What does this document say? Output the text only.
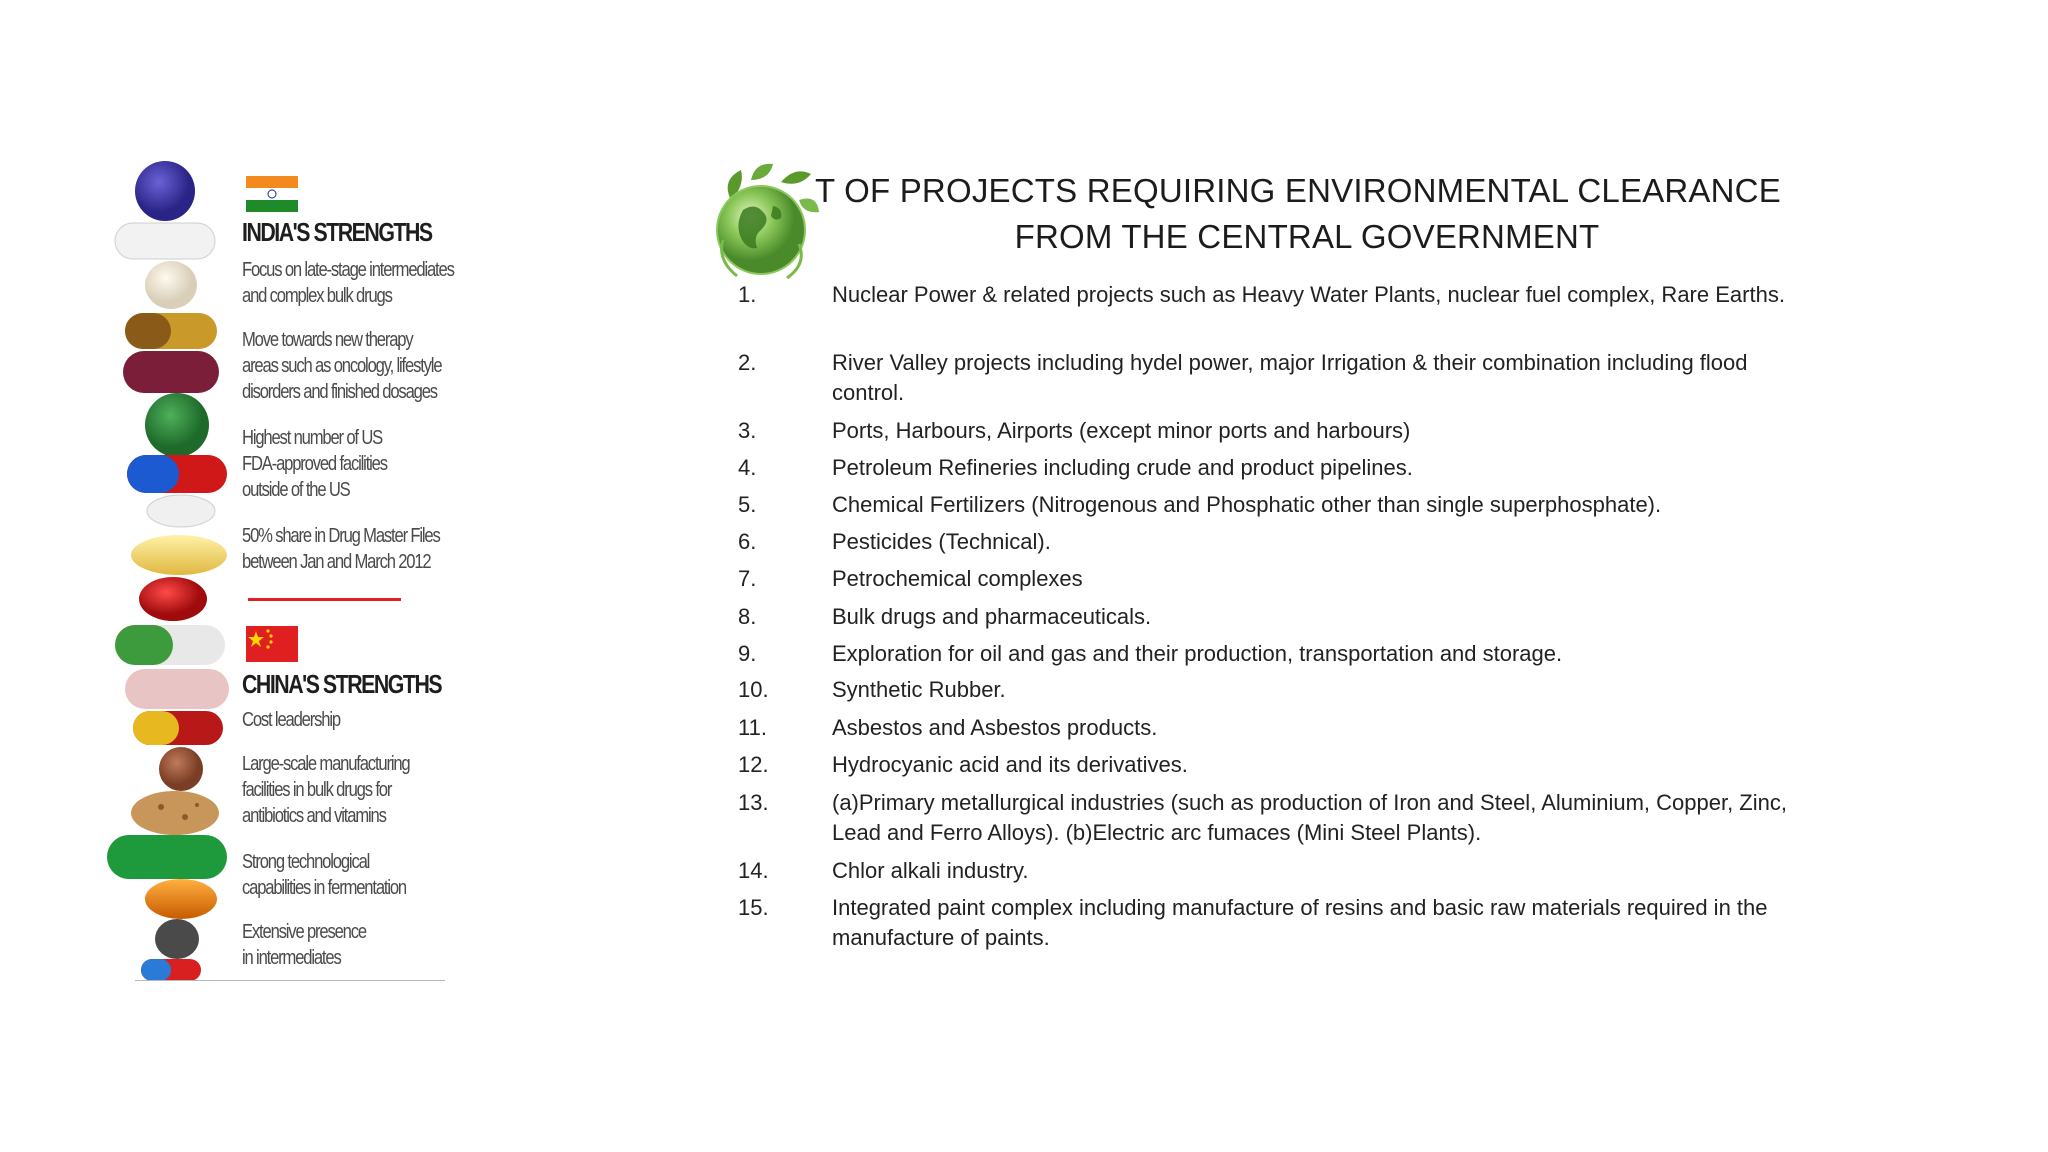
INDIA'S STRENGTHS
Focus on late-stage intermediates
and complex bulk drugs
Move towards new therapy
areas such as oncology, lifestyle
disorders and finished dosages
Highest number of US
FDA-approved facilities
outside of the US
50% share in Drug Master Files
between Jan and March 2012
CHINA'S STRENGTHS
Cost leadership
Large-scale manufacturing
facilities in bulk drugs for
antibiotics and vitamins
Strong technological
capabilities in fermentation
Extensive presence
in intermediates
T OF PROJECTS REQUIRING ENVIRONMENTAL CLEARANCE
FROM THE CENTRAL GOVERNMENT
1.	Nuclear Power & related projects such as Heavy Water Plants, nuclear fuel complex, Rare Earths.
2.	River Valley projects including hydel power, major Irrigation & their combination including flood control.
3.	Ports, Harbours, Airports (except minor ports and harbours)
4.	Petroleum Refineries including crude and product pipelines.
5.	Chemical Fertilizers (Nitrogenous and Phosphatic other than single superphosphate).
6.	Pesticides (Technical).
7.	Petrochemical complexes
8.	Bulk drugs and pharmaceuticals.
9.	Exploration for oil and gas and their production, transportation and storage.
10.	Synthetic Rubber.
11.	Asbestos and Asbestos products.
12.	Hydrocyanic acid and its derivatives.
13.	(a)Primary metallurgical industries (such as production of Iron and Steel, Aluminium, Copper, Zinc, Lead and Ferro Alloys). (b)Electric arc fumaces (Mini Steel Plants).
14.	Chlor alkali industry.
15.	Integrated paint complex including manufacture of resins and basic raw materials required in the manufacture of paints.
